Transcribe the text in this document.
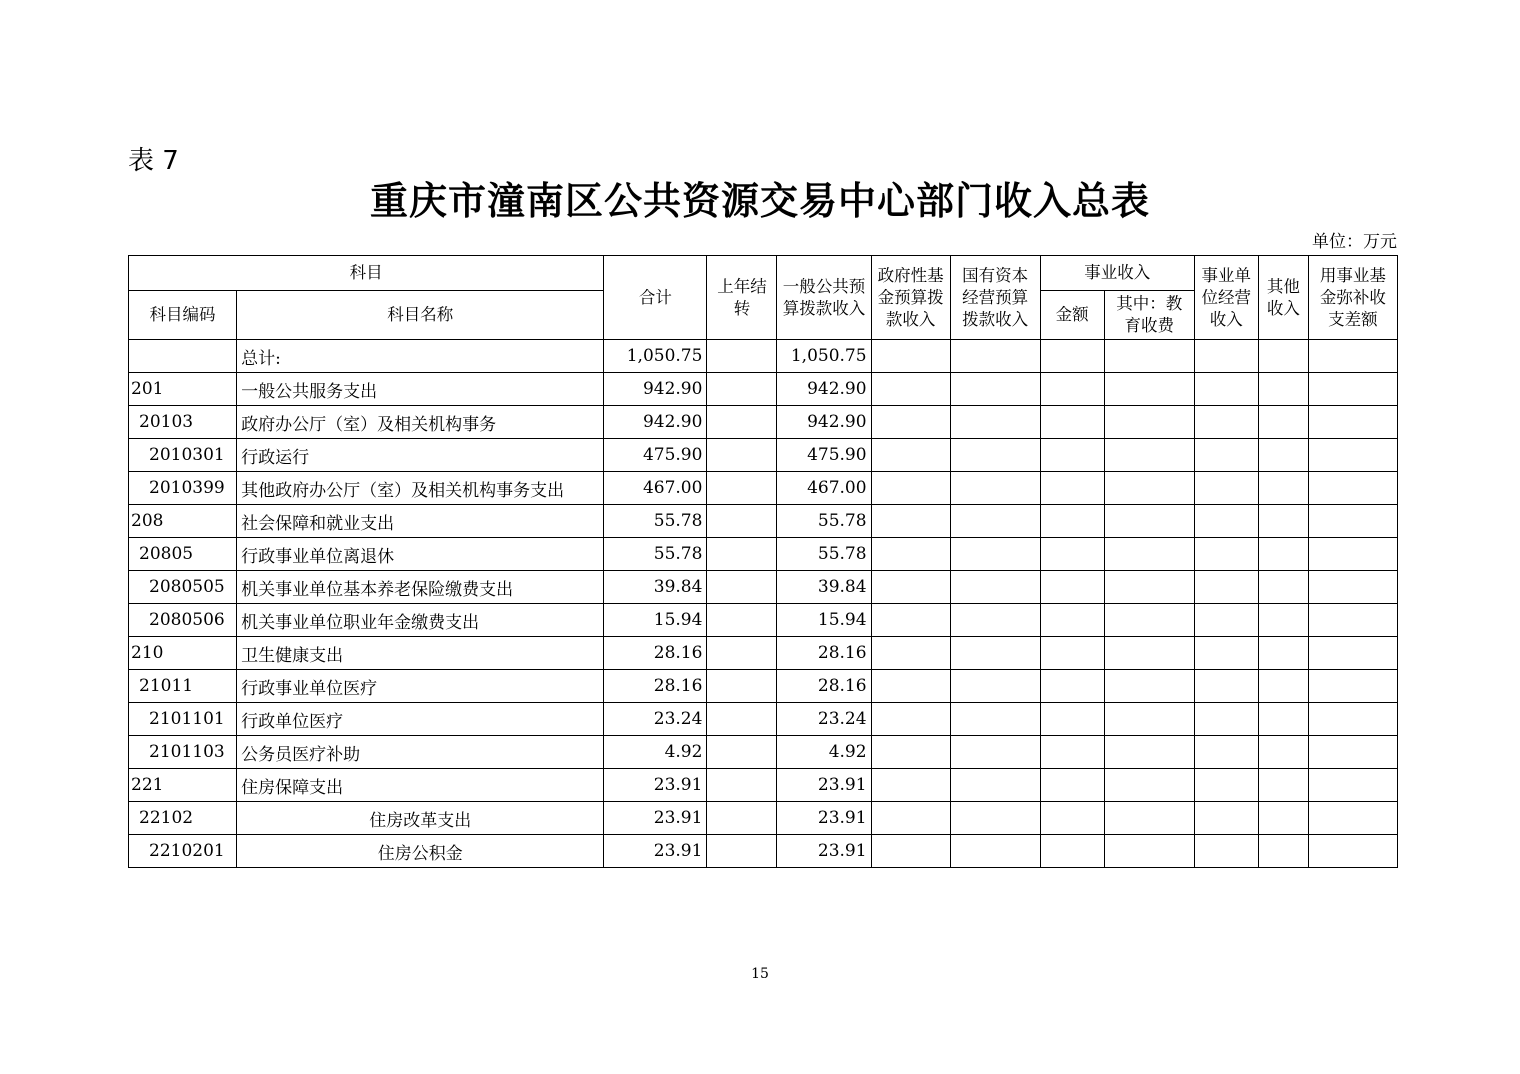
表 7
重庆市潼南区公共资源交易中心部门收入总表
单位：万元
科目		合计	上年结转	一般公共预算拨款收入	政府性基金预算拨款收入	国有资本经营预算拨款收入	事业收入		事业单位经营收入	其他收入	用事业基金弥补收支差额
科目编码	科目名称						金额	其中：教育收费			
	总计:	1,050.75		1,050.75							
201	一般公共服务支出	942.90		942.90							
20103	政府办公厅（室）及相关机构事务	942.90		942.90							
2010301	行政运行	475.90		475.90							
2010399	其他政府办公厅（室）及相关机构事务支出	467.00		467.00							
208	社会保障和就业支出	55.78		55.78							
20805	行政事业单位离退休	55.78		55.78							
2080505	机关事业单位基本养老保险缴费支出	39.84		39.84							
2080506	机关事业单位职业年金缴费支出	15.94		15.94							
210	卫生健康支出	28.16		28.16							
21011	行政事业单位医疗	28.16		28.16							
2101101	行政单位医疗	23.24		23.24							
2101103	公务员医疗补助	4.92		4.92							
221	住房保障支出	23.91		23.91							
22102	住房改革支出	23.91		23.91							
2210201	住房公积金	23.91		23.91							
15
